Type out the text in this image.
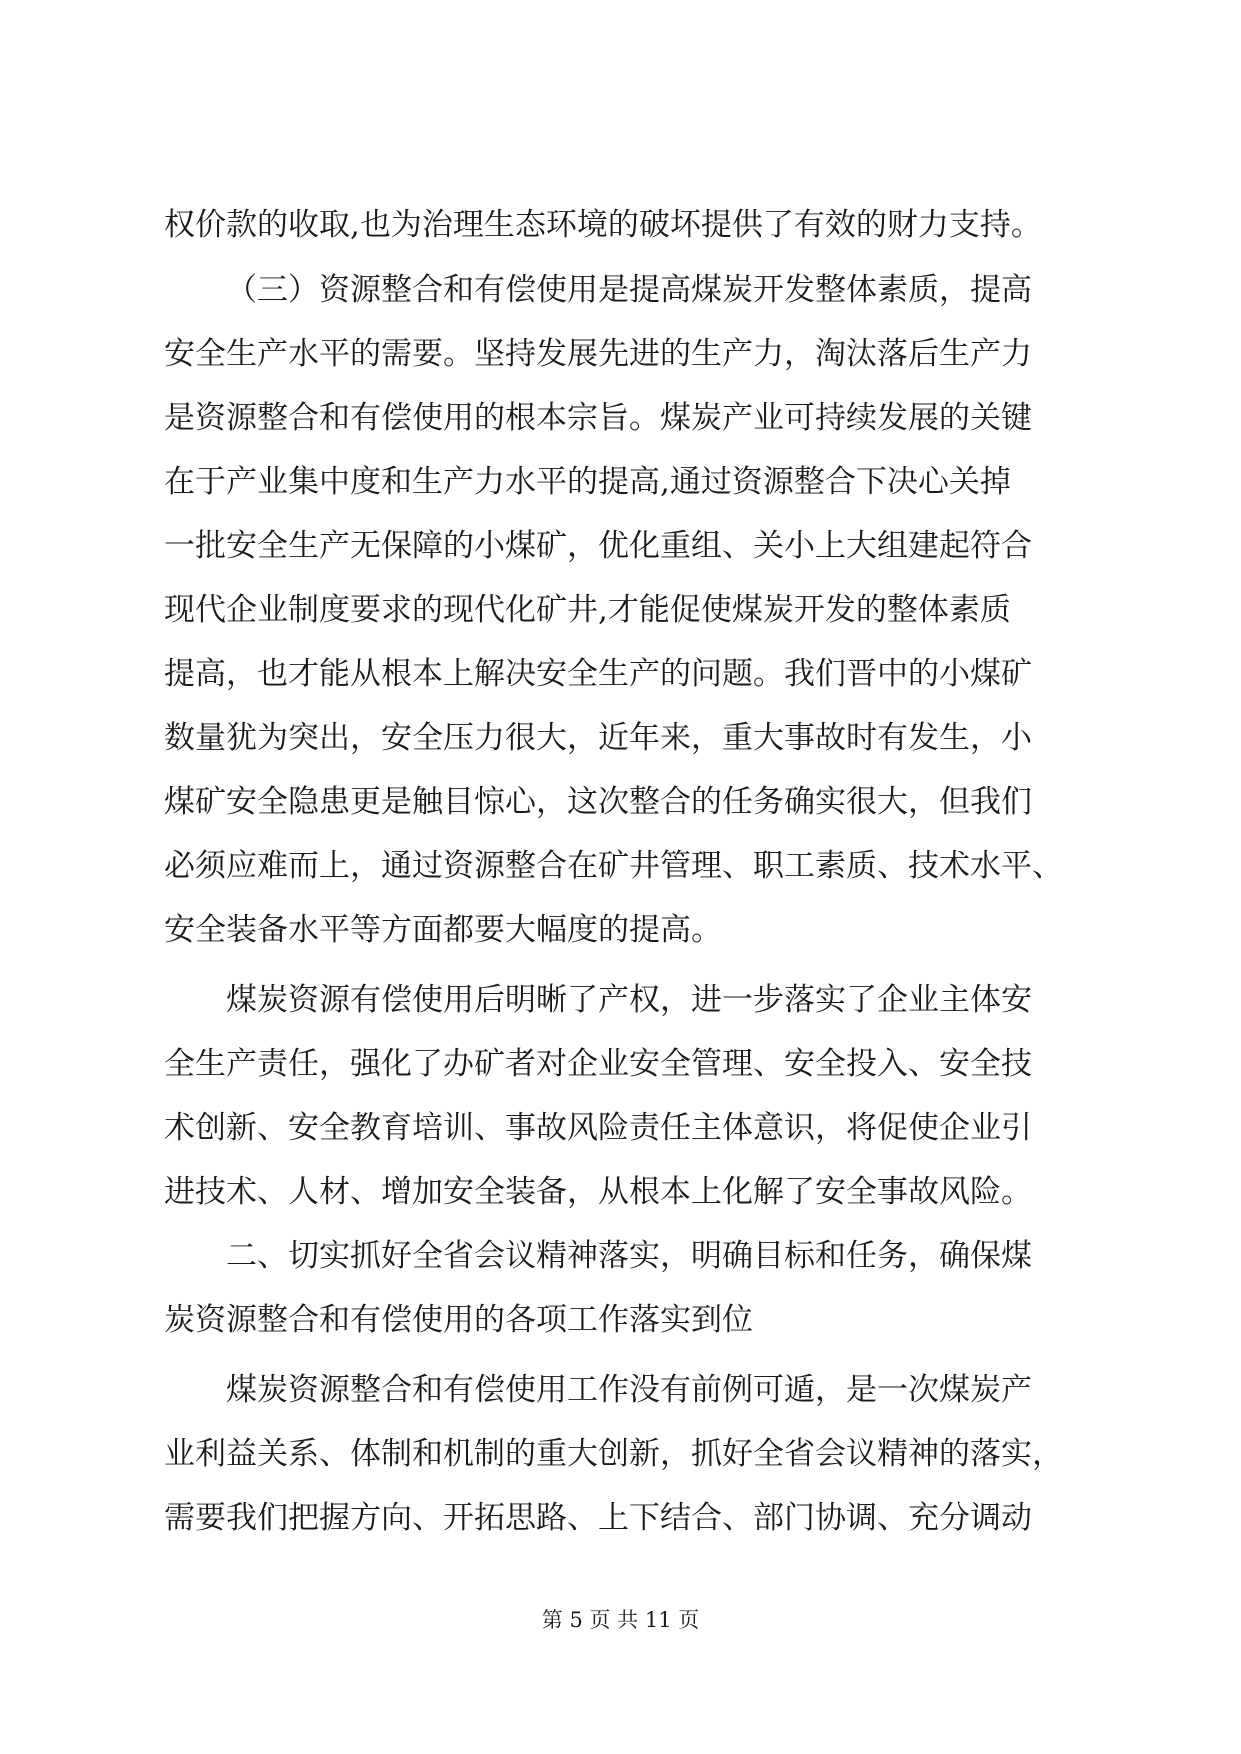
权价款的收取,也为治理生态环境的破坏提供了有效的财力支持。
（三）资源整合和有偿使用是提高煤炭开发整体素质，提高
安全生产水平的需要。坚持发展先进的生产力，淘汰落后生产力
是资源整合和有偿使用的根本宗旨。煤炭产业可持续发展的关键
在于产业集中度和生产力水平的提高,通过资源整合下决心关掉
一批安全生产无保障的小煤矿，优化重组、关小上大组建起符合
现代企业制度要求的现代化矿井,才能促使煤炭开发的整体素质
提高，也才能从根本上解决安全生产的问题。我们晋中的小煤矿
数量犹为突出，安全压力很大，近年来，重大事故时有发生，小
煤矿安全隐患更是触目惊心，这次整合的任务确实很大，但我们
必须应难而上，通过资源整合在矿井管理、职工素质、技术水平、
安全装备水平等方面都要大幅度的提高。
煤炭资源有偿使用后明晰了产权，进一步落实了企业主体安
全生产责任，强化了办矿者对企业安全管理、安全投入、安全技
术创新、安全教育培训、事故风险责任主体意识，将促使企业引
进技术、人材、增加安全装备，从根本上化解了安全事故风险。
二、切实抓好全省会议精神落实，明确目标和任务，确保煤
炭资源整合和有偿使用的各项工作落实到位
煤炭资源整合和有偿使用工作没有前例可遁，是一次煤炭产
业利益关系、体制和机制的重大创新，抓好全省会议精神的落实，
需要我们把握方向、开拓思路、上下结合、部门协调、充分调动
第 5 页 共 11 页
